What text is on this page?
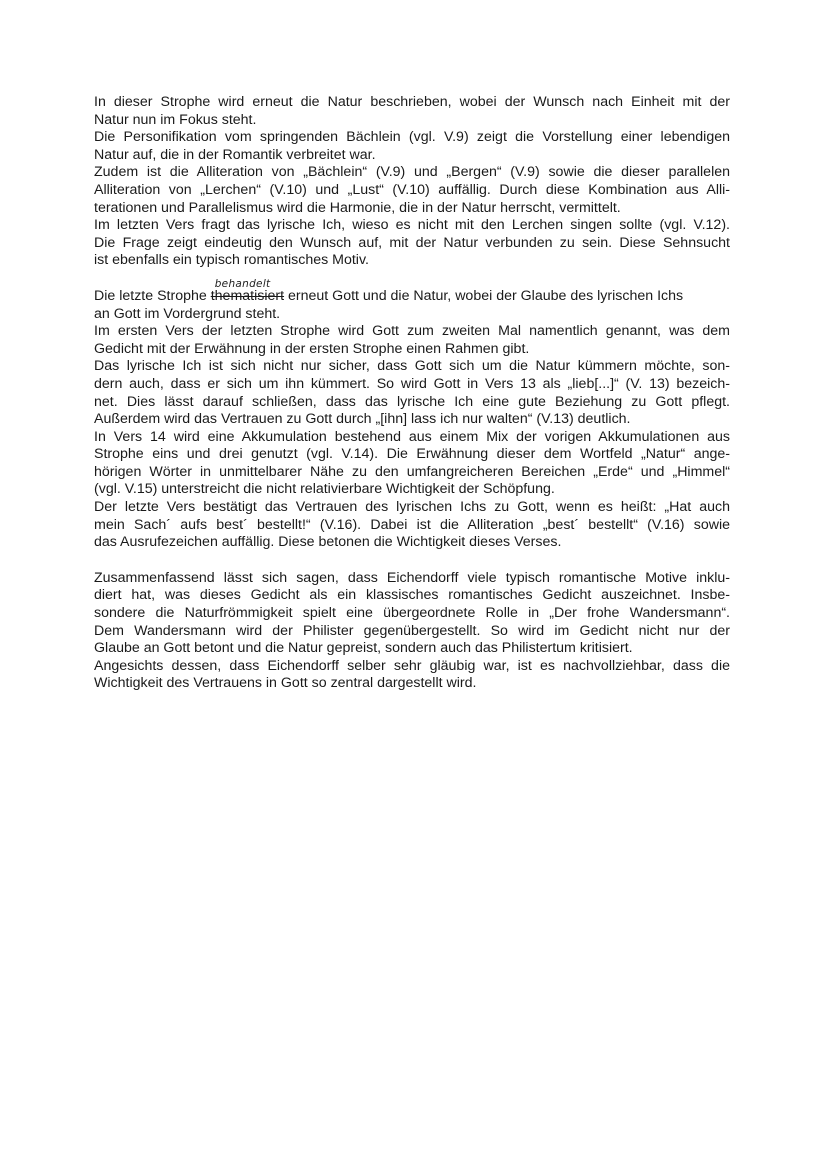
In dieser Strophe wird erneut die Natur beschrieben, wobei der Wunsch nach Einheit mit der
Natur nun im Fokus steht.
Die Personifikation vom springenden Bächlein (vgl. V.9) zeigt die Vorstellung einer lebendigen
Natur auf, die in der Romantik verbreitet war.
Zudem ist die Alliteration von „Bächlein“ (V.9) und „Bergen“ (V.9) sowie die dieser parallelen
Alliteration von „Lerchen“ (V.10) und „Lust“ (V.10) auffällig. Durch diese Kombination aus Alli-
terationen und Parallelismus wird die Harmonie, die in der Natur herrscht, vermittelt.
Im letzten Vers fragt das lyrische Ich, wieso es nicht mit den Lerchen singen sollte (vgl. V.12).
Die Frage zeigt eindeutig den Wunsch auf, mit der Natur verbunden zu sein. Diese Sehnsucht
ist ebenfalls ein typisch romantisches Motiv.
Die letzte Strophe
behandelt
thematisiert erneut Gott und die Natur, wobei der Glaube des lyrischen Ichs
an Gott im Vordergrund steht.
Im ersten Vers der letzten Strophe wird Gott zum zweiten Mal namentlich genannt, was dem
Gedicht mit der Erwähnung in der ersten Strophe einen Rahmen gibt.
Das lyrische Ich ist sich nicht nur sicher, dass Gott sich um die Natur kümmern möchte, son-
dern auch, dass er sich um ihn kümmert. So wird Gott in Vers 13 als „lieb[...]“ (V. 13) bezeich-
net. Dies lässt darauf schließen, dass das lyrische Ich eine gute Beziehung zu Gott pflegt.
Außerdem wird das Vertrauen zu Gott durch „[ihn] lass ich nur walten“ (V.13) deutlich.
In Vers 14 wird eine Akkumulation bestehend aus einem Mix der vorigen Akkumulationen aus
Strophe eins und drei genutzt (vgl. V.14). Die Erwähnung dieser dem Wortfeld „Natur“ ange-
hörigen Wörter in unmittelbarer Nähe zu den umfangreicheren Bereichen „Erde“ und „Himmel“
(vgl. V.15) unterstreicht die nicht relativierbare Wichtigkeit der Schöpfung.
Der letzte Vers bestätigt das Vertrauen des lyrischen Ichs zu Gott, wenn es heißt: „Hat auch
mein Sach´ aufs best´ bestellt!“ (V.16). Dabei ist die Alliteration „best´ bestellt“ (V.16) sowie
das Ausrufezeichen auffällig. Diese betonen die Wichtigkeit dieses Verses.
Zusammenfassend lässt sich sagen, dass Eichendorff viele typisch romantische Motive inklu-
diert hat, was dieses Gedicht als ein klassisches romantisches Gedicht auszeichnet. Insbe-
sondere die Naturfrömmigkeit spielt eine übergeordnete Rolle in „Der frohe Wandersmann“.
Dem Wandersmann wird der Philister gegenübergestellt. So wird im Gedicht nicht nur der
Glaube an Gott betont und die Natur gepreist, sondern auch das Philistertum kritisiert.
Angesichts dessen, dass Eichendorff selber sehr gläubig war, ist es nachvollziehbar, dass die
Wichtigkeit des Vertrauens in Gott so zentral dargestellt wird.
